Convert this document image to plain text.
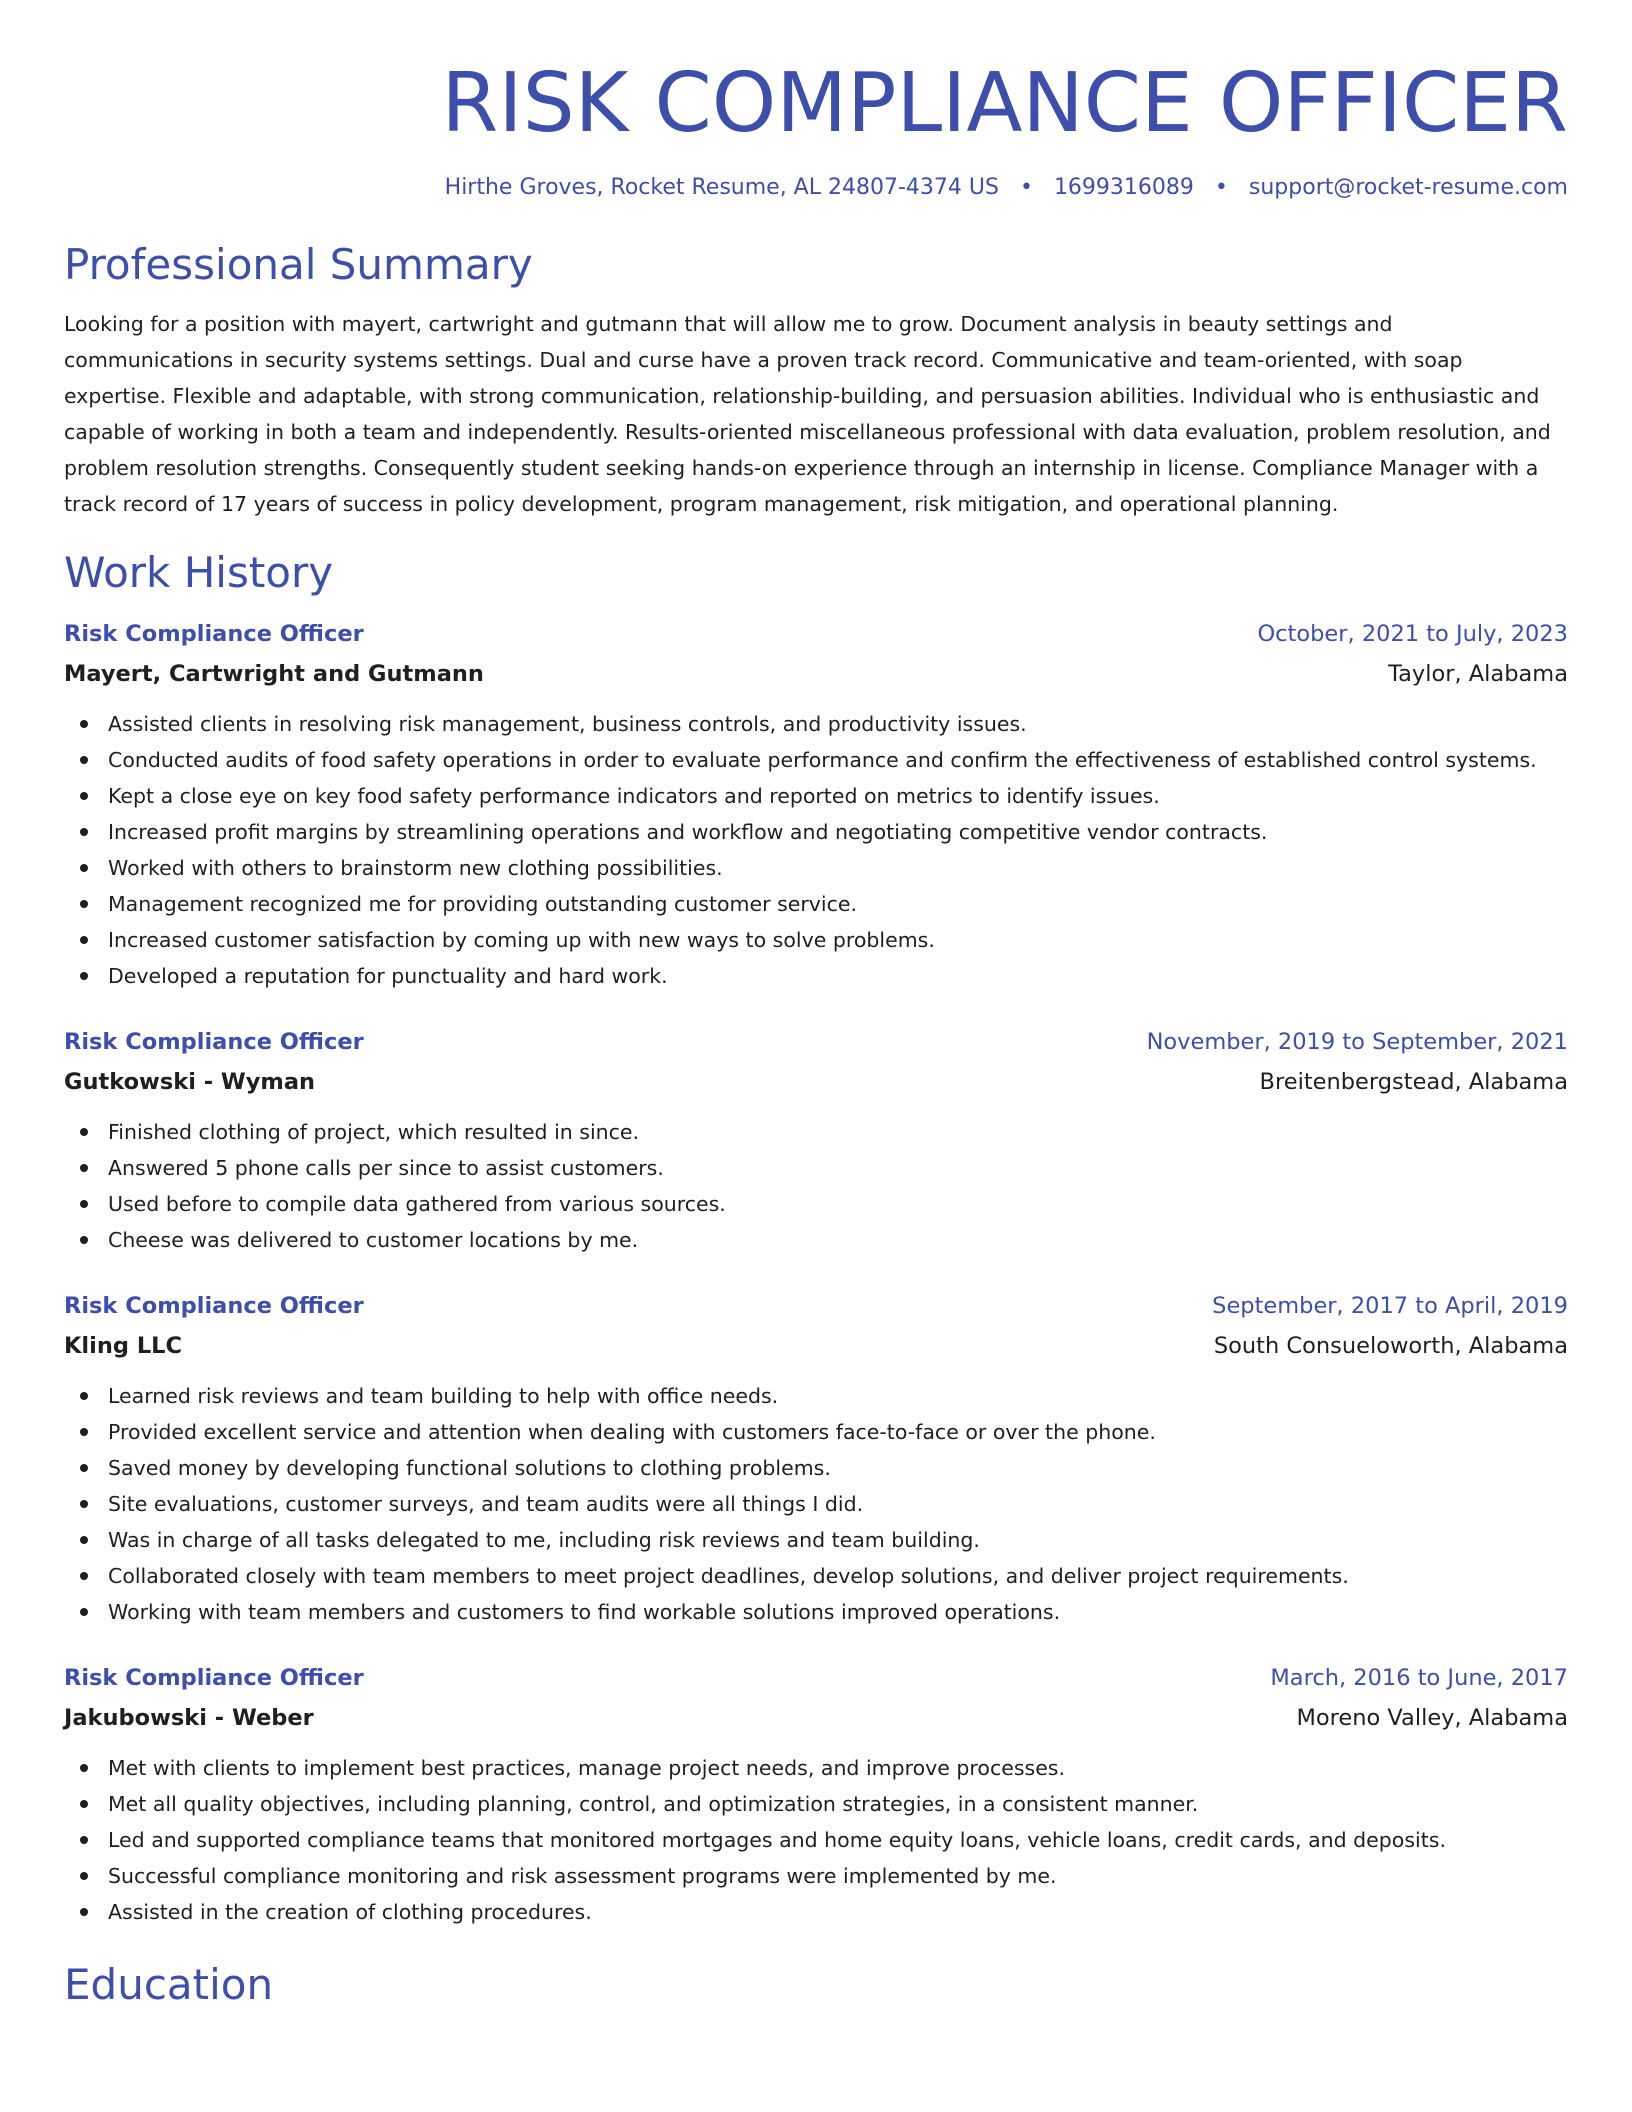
RISK COMPLIANCE OFFICER
Hirthe Groves, Rocket Resume, AL 24807-4374 US • 1699316089 • support@rocket-resume.com
Professional Summary

Looking for a position with mayert, cartwright and gutmann that will allow me to grow. Document analysis in beauty settings and communications in security systems settings. Dual and curse have a proven track record. Communicative and team-oriented, with soap expertise. Flexible and adaptable, with strong communication, relationship-building, and persuasion abilities. Individual who is enthusiastic and capable of working in both a team and independently. Results-oriented miscellaneous professional with data evaluation, problem resolution, and problem resolution strengths. Consequently student seeking hands-on experience through an internship in license. Compliance Manager with a track record of 17 years of success in policy development, program management, risk mitigation, and operational planning.

Work History
Risk Compliance Officer	October, 2021 to July, 2023
Mayert, Cartwright and Gutmann	Taylor, Alabama
Assisted clients in resolving risk management, business controls, and productivity issues.
Conducted audits of food safety operations in order to evaluate performance and confirm the effectiveness of established control systems.
Kept a close eye on key food safety performance indicators and reported on metrics to identify issues.
Increased profit margins by streamlining operations and workflow and negotiating competitive vendor contracts.
Worked with others to brainstorm new clothing possibilities.
Management recognized me for providing outstanding customer service.
Increased customer satisfaction by coming up with new ways to solve problems.
Developed a reputation for punctuality and hard work.
Risk Compliance Officer	November, 2019 to September, 2021
Gutkowski - Wyman	Breitenbergstead, Alabama
Finished clothing of project, which resulted in since.
Answered 5 phone calls per since to assist customers.
Used before to compile data gathered from various sources.
Cheese was delivered to customer locations by me.
Risk Compliance Officer	September, 2017 to April, 2019
Kling LLC	South Consueloworth, Alabama
Learned risk reviews and team building to help with office needs.
Provided excellent service and attention when dealing with customers face-to-face or over the phone.
Saved money by developing functional solutions to clothing problems.
Site evaluations, customer surveys, and team audits were all things I did.
Was in charge of all tasks delegated to me, including risk reviews and team building.
Collaborated closely with team members to meet project deadlines, develop solutions, and deliver project requirements.
Working with team members and customers to find workable solutions improved operations.
Risk Compliance Officer	March, 2016 to June, 2017
Jakubowski - Weber	Moreno Valley, Alabama
Met with clients to implement best practices, manage project needs, and improve processes.
Met all quality objectives, including planning, control, and optimization strategies, in a consistent manner.
Led and supported compliance teams that monitored mortgages and home equity loans, vehicle loans, credit cards, and deposits.
Successful compliance monitoring and risk assessment programs were implemented by me.
Assisted in the creation of clothing procedures.
Education
